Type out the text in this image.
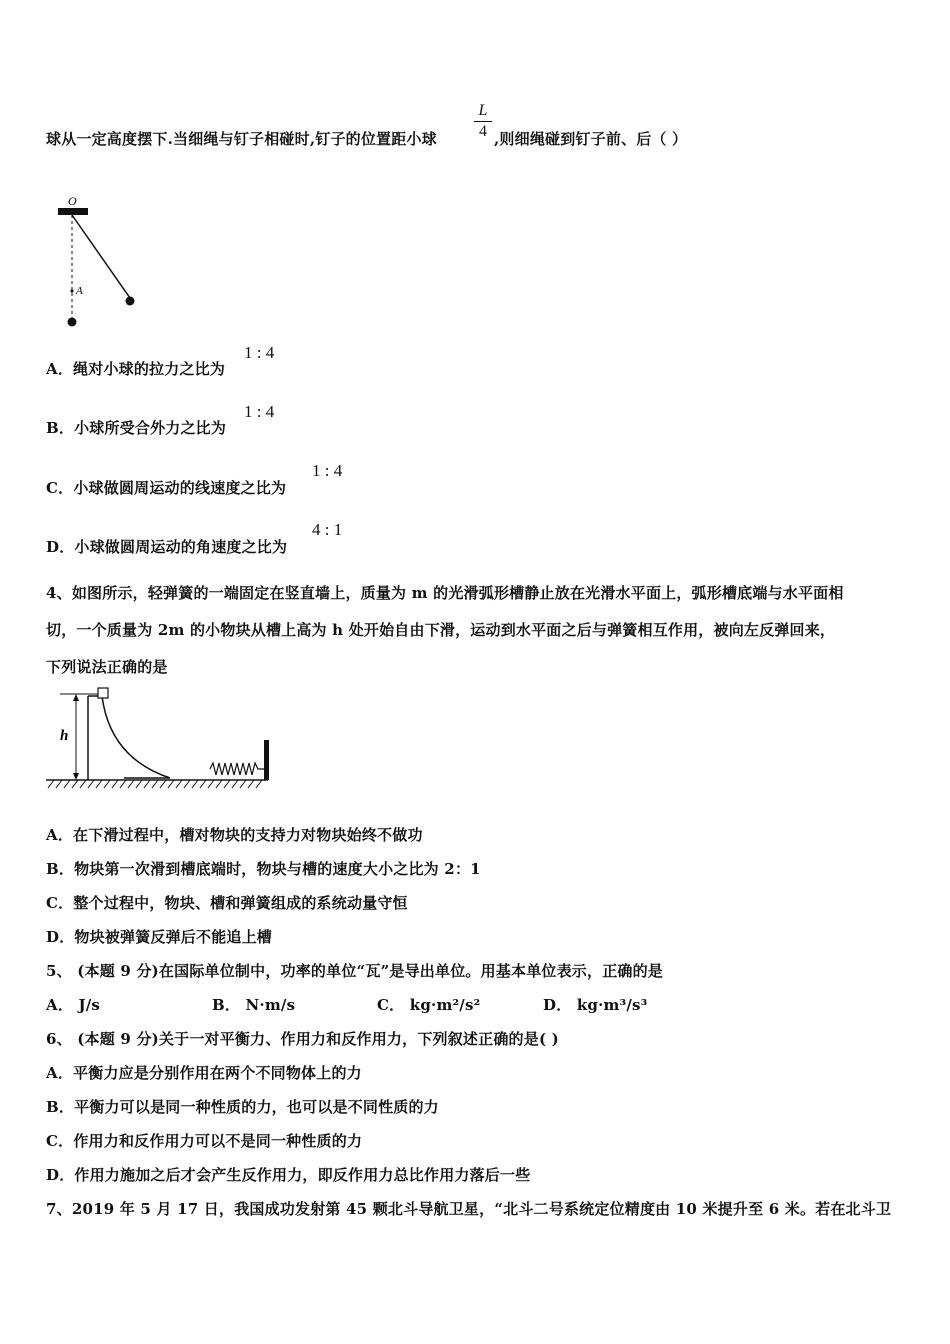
球从一定高度摆下.当细绳与钉子相碰时,钉子的位置距小球
L
4 ,则细绳碰到钉子前、后（ ）
O
A
A．绳对小球的拉力之比为
1 : 4
B．小球所受合外力之比为
1 : 4
C．小球做圆周运动的线速度之比为
1 : 4
D．小球做圆周运动的角速度之比为
4 : 1
4、如图所示，轻弹簧的一端固定在竖直墙上，质量为 m 的光滑弧形槽静止放在光滑水平面上，弧形槽底端与水平面相
切，一个质量为 2m 的小物块从槽上高为 h 处开始自由下滑，运动到水平面之后与弹簧相互作用，被向左反弹回来，
下列说法正确的是
h
A．在下滑过程中，槽对物块的支持力对物块始终不做功
B．物块第一次滑到槽底端时，物块与槽的速度大小之比为 2：1
C．整个过程中，物块、槽和弹簧组成的系统动量守恒
D．物块被弹簧反弹后不能追上槽
5、 (本题 9 分)在国际单位制中，功率的单位“瓦”是导出单位。用基本单位表示，正确的是
A． J/s	B． N·m/s	C． kg·m²/s²	D． kg·m³/s³
6、 (本题 9 分)关于一对平衡力、作用力和反作用力，下列叙述正确的是( )
A．平衡力应是分别作用在两个不同物体上的力
B．平衡力可以是同一种性质的力，也可以是不同性质的力
C．作用力和反作用力可以不是同一种性质的力
D．作用力施加之后才会产生反作用力，即反作用力总比作用力落后一些
7、2019 年 5 月 17 日，我国成功发射第 45 颗北斗导航卫星，“北斗二号系统定位精度由 10 米提升至 6 米。若在北斗卫
